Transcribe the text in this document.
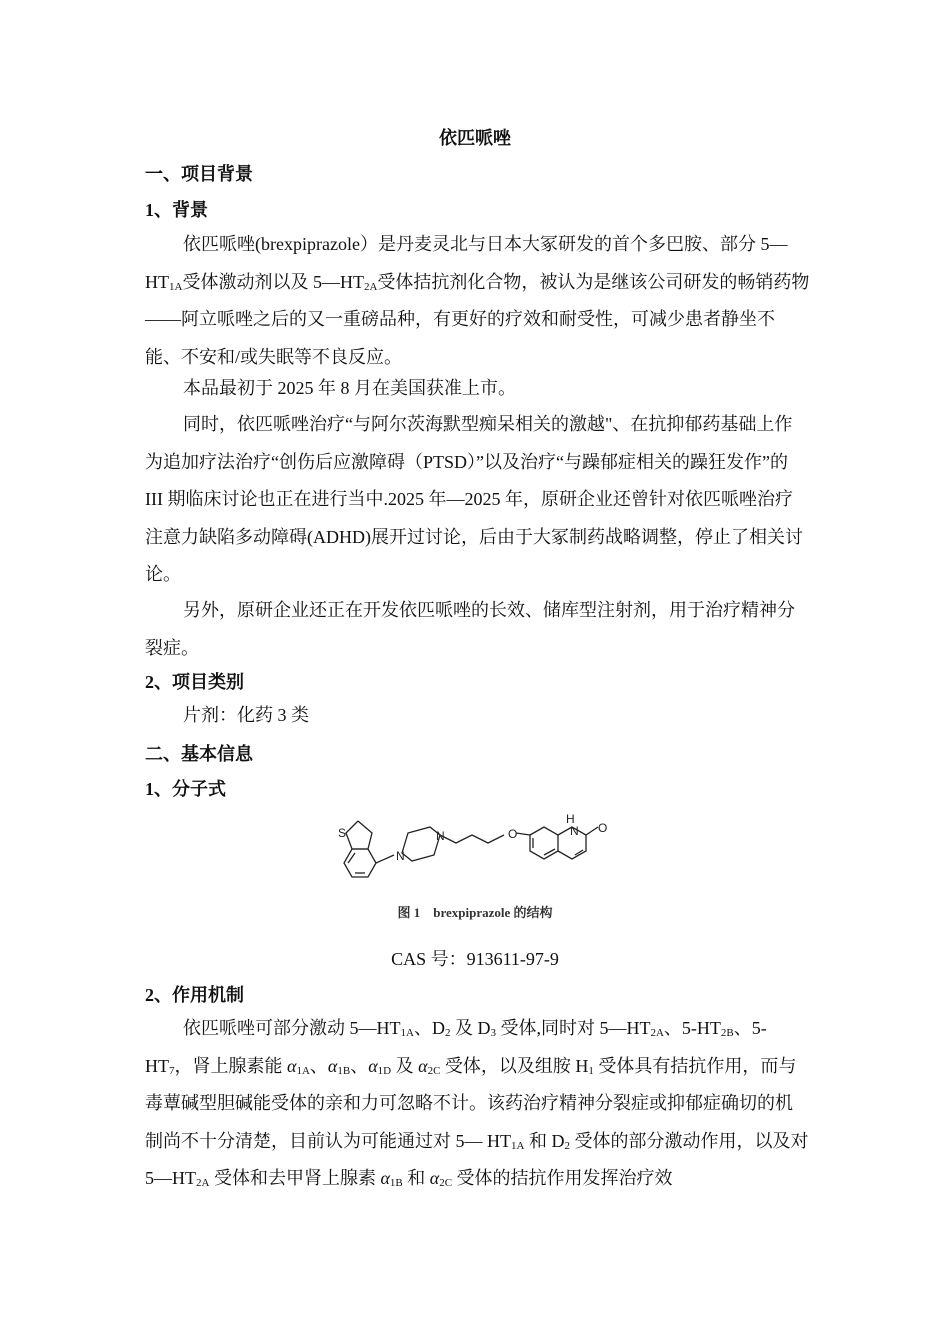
依匹哌唑
一、项目背景
1、背景
依匹哌唑(brexpiprazole）是丹麦灵北与日本大冢研发的首个多巴胺、部分 $5—HT_{1A}$受体激动剂以及 $5—HT_{2A}$受体拮抗剂化合物，被认为是继该公司研发的畅销药物——阿立哌唑之后的又一重磅品种，有更好的疗效和耐受性，可减少患者静坐不能、不安和/或失眠等不良反应。
本品最初于 2025 年 8 月在美国获准上市。
同时，依匹哌唑治疗“与阿尔茨海默型痴呆相关的激越"、在抗抑郁药基础上作为追加疗法治疗“创伤后应激障碍（PTSD）”以及治疗“与躁郁症相关的躁狂发作”的 III 期临床讨论也正在进行当中.2025 年—2025 年，原研企业还曾针对依匹哌唑治疗注意力缺陷多动障碍(ADHD)展开过讨论，后由于大冢制药战略调整，停止了相关讨论。
另外，原研企业还正在开发依匹哌唑的长效、储库型注射剂，用于治疗精神分裂症。
2、项目类别
片剂：化药 3 类
二、基本信息
1、分子式
S
N
N	O
H
N O
图 1　brexpiprazole 的结构
CAS 号：913611-97-9
2、作用机制
依匹哌唑可部分激动 $5—HT_{1A}$、$D_2$ 及 $D_3$ 受体,同时对 $5—HT_{2A}$、$5-HT_{2B}$、$5-HT_7$，肾上腺素能 $\alpha_{1A}$、$\alpha_{1B}$、$\alpha_{1D}$ 及 $\alpha_{2C}$ 受体，以及组胺 $H_1$ 受体具有拮抗作用，而与毒蕈碱型胆碱能受体的亲和力可忽略不计。该药治疗精神分裂症或抑郁症确切的机制尚不十分清楚，目前认为可能通过对 5— $HT_{1A}$ 和 $D_2$ 受体的部分激动作用，以及对 $5—HT_{2A}$ 受体和去甲肾上腺素 $\alpha_{1B}$ 和 $\alpha_{2C}$ 受体的拮抗作用发挥治疗效
